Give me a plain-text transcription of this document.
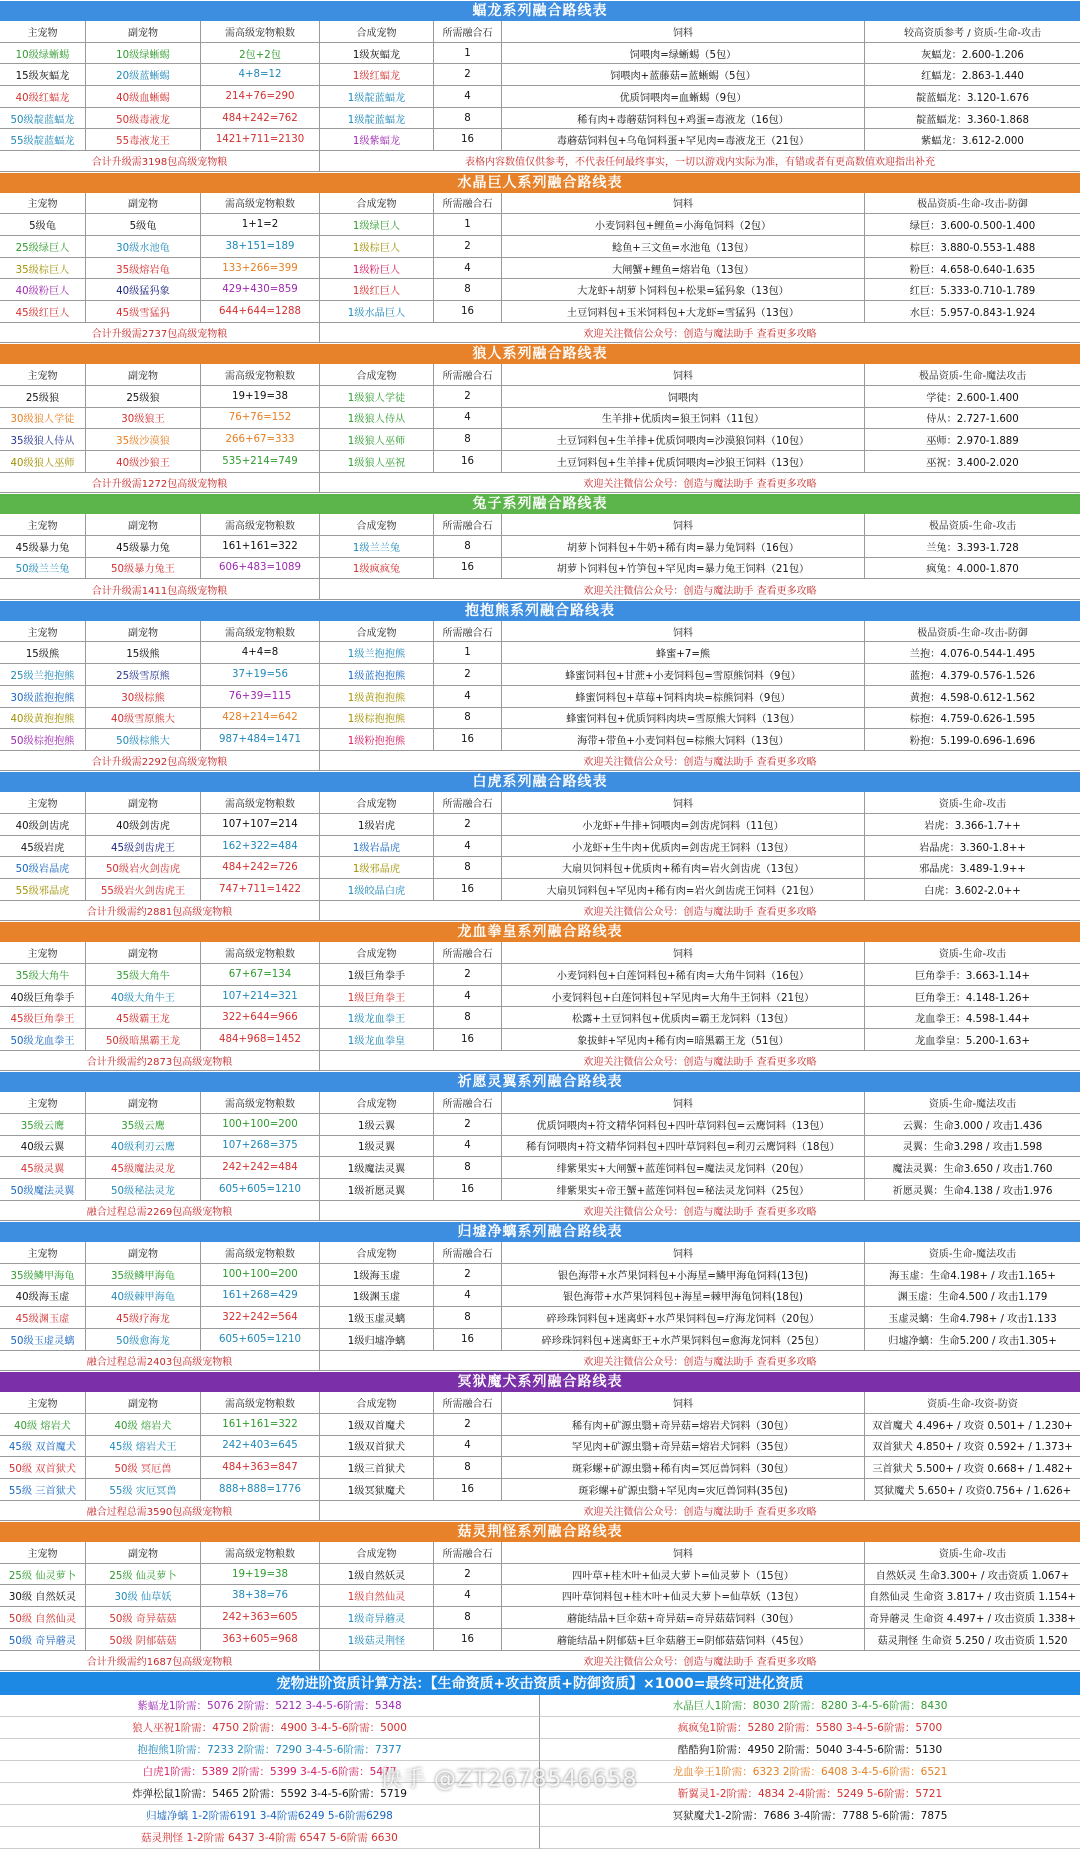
蝠龙系列融合路线表
主宠物	副宠物	需高级宠物粮数	合成宠物	所需融合石	饲料	较高资质参考 / 资质-生命-攻击
10级绿蜥蜴	10级绿蜥蜴	2包+2包	1级灰蝠龙	1	饲喂肉=绿蜥蜴（5包）	灰蝠龙：2.600-1.206
15级灰蝠龙	20级蓝蜥蜴	4+8=12	1级红蝠龙	2	饲喂肉+蓝藤菇=蓝蜥蜴（5包）	红蝠龙：2.863-1.440
40级红蝠龙	40级血蜥蜴	214+76=290	1级靛蓝蝠龙	4	优质饲喂肉=血蜥蜴（9包）	靛蓝蝠龙：3.120-1.676
50级靛蓝蝠龙	50级毒液龙	484+242=762	1级靛蓝蝠龙	8	稀有肉+毒蘑菇饲料包+鸡蛋=毒液龙（16包）	靛蓝蝠龙：3.360-1.868
55级靛蓝蝠龙	55毒液龙王	1421+711=2130	1级紫蝠龙	16	毒蘑菇饲料包+乌龟饲料蛋+罕见肉=毒液龙王（21包）	紫蝠龙：3.612-2.000
合计升级需3198包高级宠物粮	表格内容数值仅供参考，不代表任何最终事实，一切以游戏内实际为准，有错或者有更高数值欢迎指出补充
水晶巨人系列融合路线表
主宠物	副宠物	需高级宠物粮数	合成宠物	所需融合石	饲料	极品资质-生命-攻击-防御
5级龟	5级龟	1+1=2	1级绿巨人	1	小麦饲料包+鲤鱼=小海龟饲料（2包）	绿巨：3.600-0.500-1.400
25级绿巨人	30级水池龟	38+151=189	1级棕巨人	2	鲶鱼+三文鱼=水池龟（13包）	棕巨：3.880-0.553-1.488
35级棕巨人	35级熔岩龟	133+266=399	1级粉巨人	4	大闸蟹+鲤鱼=熔岩龟（13包）	粉巨：4.658-0.640-1.635
40级粉巨人	40级猛犸象	429+430=859	1级红巨人	8	大龙虾+胡萝卜饲料包+松果=猛犸象（13包）	红巨：5.333-0.710-1.789
45级红巨人	45级雪猛犸	644+644=1288	1级水晶巨人	16	土豆饲料包+玉米饲料包+大龙虾=雪猛犸（13包）	水巨：5.957-0.843-1.924
合计升级需2737包高级宠物粮	欢迎关注微信公众号：创造与魔法助手 查看更多攻略
狼人系列融合路线表
主宠物	副宠物	需高级宠物粮数	合成宠物	所需融合石	饲料	极品资质-生命-魔法攻击
25级狼	25级狼	19+19=38	1级狼人学徒	2	饲喂肉	学徒：2.600-1.400
30级狼人学徒	30级狼王	76+76=152	1级狼人侍从	4	生羊排+优质肉=狼王饲料（11包）	侍从：2.727-1.600
35级狼人侍从	35级沙漠狼	266+67=333	1级狼人巫师	8	土豆饲料包+生羊排+优质饲喂肉=沙漠狼饲料（10包）	巫师：2.970-1.889
40级狼人巫师	40级沙狼王	535+214=749	1级狼人巫祝	16	土豆饲料包+生羊排+优质饲喂肉=沙狼王饲料（13包）	巫祝：3.400-2.020
合计升级需1272包高级宠物粮	欢迎关注微信公众号：创造与魔法助手 查看更多攻略
兔子系列融合路线表
主宠物	副宠物	需高级宠物粮数	合成宠物	所需融合石	饲料	极品资质-生命-攻击
45级暴力兔	45级暴力兔	161+161=322	1级兰兰兔	8	胡萝卜饲料包+牛奶+稀有肉=暴力兔饲料（16包）	兰兔：3.393-1.728
50级兰兰兔	50级暴力兔王	606+483=1089	1级疯疯兔	16	胡萝卜饲料包+竹笋包+罕见肉=暴力兔王饲料（21包）	疯兔：4.000-1.870
合计升级需1411包高级宠物粮	欢迎关注微信公众号：创造与魔法助手 查看更多攻略
抱抱熊系列融合路线表
主宠物	副宠物	需高级宠物粮数	合成宠物	所需融合石	饲料	极品资质-生命-攻击-防御
15级熊	15级熊	4+4=8	1级兰抱抱熊	1	蜂蜜+7=熊	兰抱：4.076-0.544-1.495
25级兰抱抱熊	25级雪原熊	37+19=56	1级蓝抱抱熊	2	蜂蜜饲料包+甘蔗+小麦饲料包=雪原熊饲料（9包）	蓝抱：4.379-0.576-1.526
30级蓝抱抱熊	30级棕熊	76+39=115	1级黄抱抱熊	4	蜂蜜饲料包+草莓+饲料肉块=棕熊饲料（9包）	黄抱：4.598-0.612-1.562
40级黄抱抱熊	40级雪原熊大	428+214=642	1级棕抱抱熊	8	蜂蜜饲料包+优质饲料肉块=雪原熊大饲料（13包）	棕抱：4.759-0.626-1.595
50级棕抱抱熊	50级棕熊大	987+484=1471	1级粉抱抱熊	16	海带+带鱼+小麦饲料包=棕熊大饲料（13包）	粉抱：5.199-0.696-1.696
合计升级需2292包高级宠物粮	欢迎关注微信公众号：创造与魔法助手 查看更多攻略
白虎系列融合路线表
主宠物	副宠物	需高级宠物粮数	合成宠物	所需融合石	饲料	资质-生命-攻击
40级剑齿虎	40级剑齿虎	107+107=214	1级岩虎	2	小龙虾+牛排+饲喂肉=剑齿虎饲料（11包）	岩虎：3.366-1.7++
45级岩虎	45级剑齿虎王	162+322=484	1级岩晶虎	4	小龙虾+生牛肉+优质肉=剑齿虎王饲料（13包）	岩晶虎：3.360-1.8++
50级岩晶虎	50级岩火剑齿虎	484+242=726	1级邪晶虎	8	大扇贝饲料包+优质肉+稀有肉=岩火剑齿虎（13包）	邪晶虎：3.489-1.9++
55级邪晶虎	55级岩火剑齿虎王	747+711=1422	1级皎晶白虎	16	大扇贝饲料包+罕见肉+稀有肉=岩火剑齿虎王饲料（21包）	白虎：3.602-2.0++
合计升级需约2881包高级宠物粮	欢迎关注微信公众号：创造与魔法助手 查看更多攻略
龙血拳皇系列融合路线表
主宠物	副宠物	需高级宠物粮数	合成宠物	所需融合石	饲料	资质-生命-攻击
35级大角牛	35级大角牛	67+67=134	1级巨角拳手	2	小麦饲料包+白莲饲料包+稀有肉=大角牛饲料（16包）	巨角拳手：3.663-1.14+
40级巨角拳手	40级大角牛王	107+214=321	1级巨角拳王	4	小麦饲料包+白莲饲料包+罕见肉=大角牛王饲料（21包）	巨角拳王：4.148-1.26+
45级巨角拳王	45级霸王龙	322+644=966	1级龙血拳王	8	松露+土豆饲料包+优质肉=霸王龙饲料（13包）	龙血拳王：4.598-1.44+
50级龙血拳王	50级暗黑霸王龙	484+968=1452	1级龙血拳皇	16	象拔蚌+罕见肉+稀有肉=暗黑霸王龙（51包）	龙血拳皇：5.200-1.63+
合计升级需约2873包高级宠物粮	欢迎关注微信公众号：创造与魔法助手 查看更多攻略
祈愿灵翼系列融合路线表
主宠物	副宠物	需高级宠物粮数	合成宠物	所需融合石	饲料	资质-生命-魔法攻击
35级云鹰	35级云鹰	100+100=200	1级云翼	2	优质饲喂肉+符文精华饲料包+四叶草饲料包=云鹰饲料（13包）	云翼：生命3.000 / 攻击1.436
40级云翼	40级利刃云鹰	107+268=375	1级灵翼	4	稀有饲喂肉+符文精华饲料包+四叶草饲料包=利刃云鹰饲料（18包）	灵翼：生命3.298 / 攻击1.598
45级灵翼	45级魔法灵龙	242+242=484	1级魔法灵翼	8	绯紫果实+大闸蟹+蓝莲饲料包=魔法灵龙饲料（20包）	魔法灵翼：生命3.650 / 攻击1.760
50级魔法灵翼	50级秘法灵龙	605+605=1210	1级祈愿灵翼	16	绯紫果实+帝王蟹+蓝莲饲料包=秘法灵龙饲料（25包）	祈愿灵翼：生命4.138 / 攻击1.976
融合过程总需2269包高级宠物粮	欢迎关注微信公众号：创造与魔法助手 查看更多攻略
归墟净螭系列融合路线表
主宠物	副宠物	需高级宠物粮数	合成宠物	所需融合石	饲料	资质-生命-魔法攻击
35级鳞甲海龟	35级鳞甲海龟	100+100=200	1级海玉虚	2	银色海带+水芦果饲料包+小海星=鳞甲海龟饲料(13包)	海玉虚：生命4.198+ / 攻击1.165+
40级海玉虚	40级棘甲海龟	161+268=429	1级渊玉虚	4	银色海带+水芦果饲料包+海星=棘甲海龟饲料(18包)	渊玉虚：生命4.500 / 攻击1.179
45级渊玉虚	45级疗海龙	322+242=564	1级玉虚灵螭	8	碎珍珠饲料包+迷离虾+水芦果饲料包=疗海龙饲料（20包）	玉虚灵螭：生命4.798+ / 攻击1.133
50级玉虚灵螭	50级愈海龙	605+605=1210	1级归墟净螭	16	碎珍珠饲料包+迷离虾王+水芦果饲料包=愈海龙饲料（25包）	归墟净螭：生命5.200 / 攻击1.305+
融合过程总需2403包高级宠物粮	欢迎关注微信公众号：创造与魔法助手 查看更多攻略
冥狱魔犬系列融合路线表
主宠物	副宠物	需高级宠物粮数	合成宠物	所需融合石	饲料	资质-生命-攻资-防资
40级 熔岩犬	40级 熔岩犬	161+161=322	1级双首魔犬	2	稀有肉+矿源虫翳+奇异菇=熔岩犬饲料（30包）	双首魔犬 4.496+ / 攻资 0.501+ / 1.230+
45级 双首魔犬	45级 熔岩犬王	242+403=645	1级双首狱犬	4	罕见肉+矿源虫翳+奇异菇=熔岩犬饲料（35包）	双首狱犬 4.850+ / 攻资 0.592+ / 1.373+
50级 双首狱犬	50级 冥厄兽	484+363=847	1级三首狱犬	8	斑彩螺+矿源虫翳+稀有肉=冥厄兽饲料（30包）	三首狱犬 5.500+ / 攻资 0.668+ / 1.482+
55级 三首狱犬	55级 灾厄冥兽	888+888=1776	1级冥狱魔犬	16	斑彩螺+矿源虫翳+罕见肉=灾厄兽饲料(35包)	冥狱魔犬 5.650+ / 攻资0.756+ / 1.626+
融合过程总需3590包高级宠物粮	欢迎关注微信公众号：创造与魔法助手 查看更多攻略
菇灵荆怪系列融合路线表
主宠物	副宠物	需高级宠物粮数	合成宠物	所需融合石	饲料	资质-生命-攻击
25级 仙灵萝卜	25级 仙灵萝卜	19+19=38	1级自然妖灵	2	四叶草+桂木叶+仙灵大萝卜=仙灵萝卜（15包）	自然妖灵 生命3.300+ / 攻击资质 1.067+
30级 自然妖灵	30级 仙草妖	38+38=76	1级自然仙灵	4	四叶草饲料包+桂木叶+仙灵大萝卜=仙草妖（13包）	自然仙灵 生命资 3.817+ / 攻击资质 1.154+
50级 自然仙灵	50级 奇异菇菇	242+363=605	1级奇异蘑灵	8	蘑能结晶+巨伞菇+奇异菇=奇异菇菇饲料（30包）	奇异蘑灵 生命资 4.497+ / 攻击资质 1.338+
50级 奇异蘑灵	50级 阴郁菇菇	363+605=968	1级菇灵荆怪	16	蘑能结晶+阴郁菇+巨伞菇蘑王=阴郁菇菇饲料（45包）	菇灵荆怪 生命资 5.250 / 攻击资质 1.520
合计升级需约1687包高级宠物粮	欢迎关注微信公众号：创造与魔法助手 查看更多攻略
宠物进阶资质计算方法：【生命资质+攻击资质+防御资质】×1000=最终可进化资质
紫蝠龙1阶需：5076 2阶需：5212 3-4-5-6阶需：5348	水晶巨人1阶需：8030 2阶需：8280 3-4-5-6阶需：8430
狼人巫祝1阶需：4750 2阶需：4900 3-4-5-6阶需：5000	疯疯兔1阶需：5280 2阶需：5580 3-4-5-6阶需：5700
抱抱熊1阶需：7233 2阶需：7290 3-4-5-6阶需：7377	酷酷狗1阶需：4950 2阶需：5040 3-4-5-6阶需：5130
白虎1阶需：5389 2阶需：5399 3-4-5-6阶需：5477	龙血拳王1阶需：6323 2阶需：6408 3-4-5-6阶需：6521
炸弹松鼠1阶需：5465 2阶需：5592 3-4-5-6阶需：5719	靳翼灵1-2阶需：4834 2-4阶需：5249 5-6阶需：5721
归墟净螭 1-2阶需6191 3-4阶需6249 5-6阶需6298	冥狱魔犬1-2阶需：7686 3-4阶需：7788 5-6阶需：7875
菇灵荆怪 1-2阶需 6437 3-4阶需 6547 5-6阶需 6630
快手 @ZT2678546658
